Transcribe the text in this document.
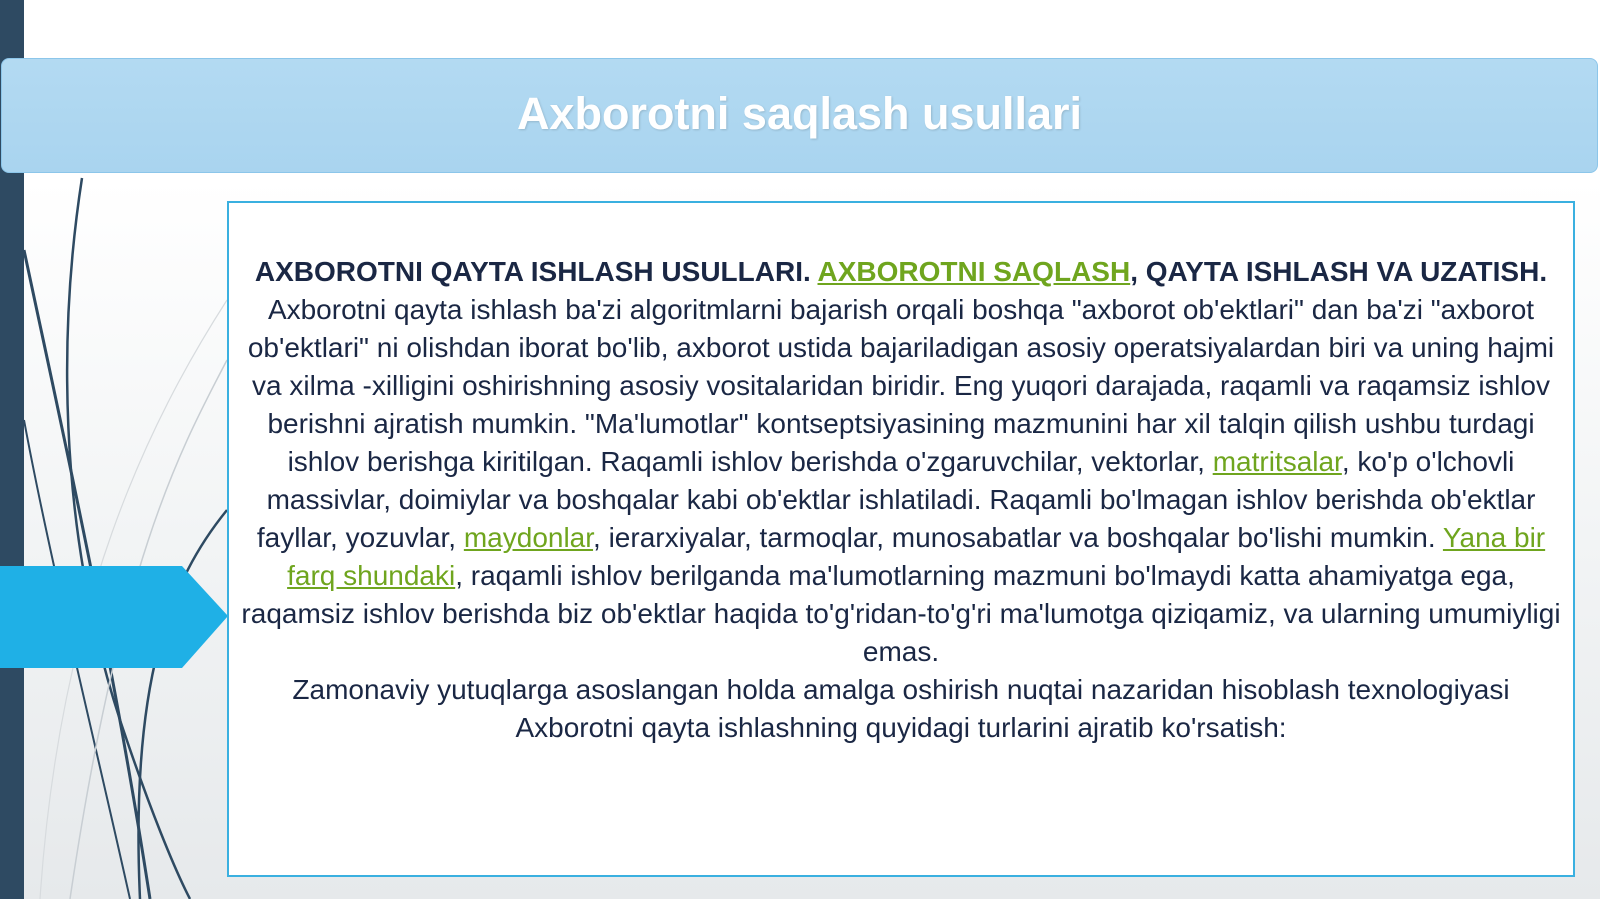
Axborotni saqlash usullari

AXBOROTNI QAYTA ISHLASH USULLARI. AXBOROTNI SAQLASH, QAYTA ISHLASH VA UZATISH.

Axborotni qayta ishlash ba'zi algoritmlarni bajarish orqali boshqa "axborot ob'ektlari" dan ba'zi "axborot ob'ektlari" ni olishdan iborat bo'lib, axborot ustida bajariladigan asosiy operatsiyalardan biri va uning hajmi va xilma -xilligini oshirishning asosiy vositalaridan biridir. Eng yuqori darajada, raqamli va raqamsiz ishlov berishni ajratish mumkin. "Ma'lumotlar" kontseptsiyasining mazmunini har xil talqin qilish ushbu turdagi ishlov berishga kiritilgan. Raqamli ishlov berishda o'zgaruvchilar, vektorlar, matritsalar, ko'p o'lchovli massivlar, doimiylar va boshqalar kabi ob'ektlar ishlatiladi. Raqamli bo'lmagan ishlov berishda ob'ektlar fayllar, yozuvlar, maydonlar, ierarxiyalar, tarmoqlar, munosabatlar va boshqalar bo'lishi mumkin. Yana bir farq shundaki, raqamli ishlov berilganda ma'lumotlarning mazmuni bo'lmaydi katta ahamiyatga ega, raqamsiz ishlov berishda biz ob'ektlar haqida to'g'ridan-to'g'ri ma'lumotga qiziqamiz, va ularning umumiyligi emas.

Zamonaviy yutuqlarga asoslangan holda amalga oshirish nuqtai nazaridan hisoblash texnologiyasi Axborotni qayta ishlashning quyidagi turlarini ajratib ko'rsatish:
